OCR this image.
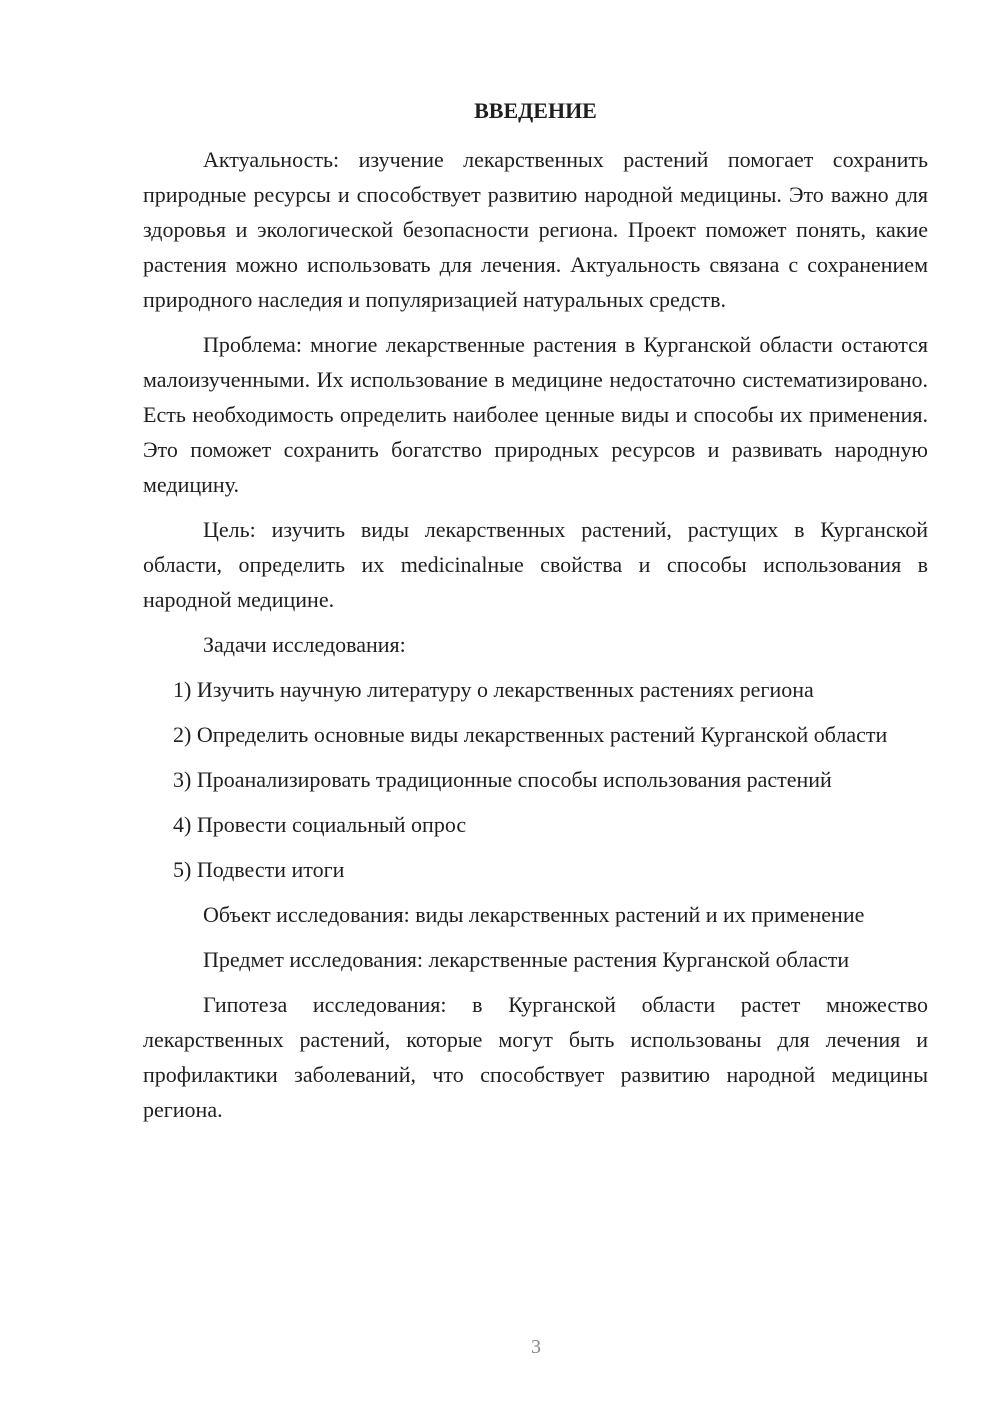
ВВЕДЕНИЕ

Актуальность: изучение лекарственных растений помогает сохранить природные ресурсы и способствует развитию народной медицины. Это важно для здоровья и экологической безопасности региона. Проект поможет понять, какие растения можно использовать для лечения. Актуальность связана с сохранением природного наследия и популяризацией натуральных средств.

Проблема: многие лекарственные растения в Курганской области остаются малоизученными. Их использование в медицине недостаточно систематизировано. Есть необходимость определить наиболее ценные виды и способы их применения. Это поможет сохранить богатство природных ресурсов и развивать народную медицину.

Цель: изучить виды лекарственных растений, растущих в Курганской области, определить их medicinalные свойства и способы использования в народной медицине.

Задачи исследования:

1) Изучить научную литературу о лекарственных растениях региона

2) Определить основные виды лекарственных растений Курганской области

3) Проанализировать традиционные способы использования растений

4) Провести социальный опрос

5) Подвести итоги

Объект исследования: виды лекарственных растений и их применение

Предмет исследования: лекарственные растения Курганской области

Гипотеза исследования: в Курганской области растет множество лекарственных растений, которые могут быть использованы для лечения и профилактики заболеваний, что способствует развитию народной медицины региона.

3
